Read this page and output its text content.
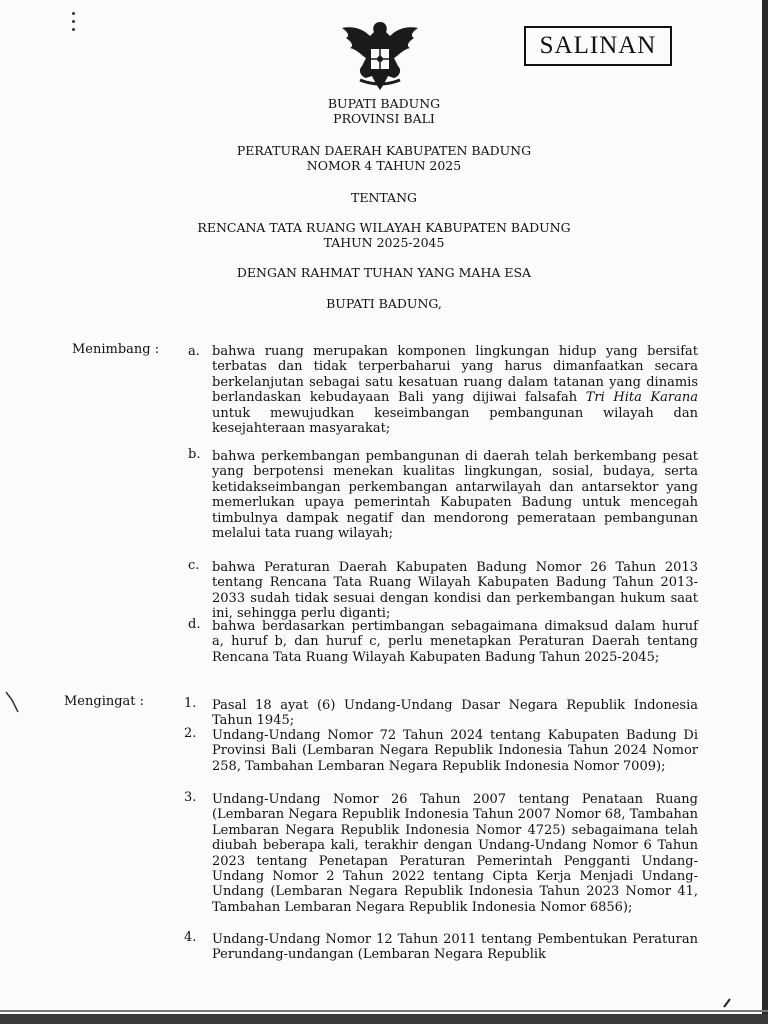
SALINAN
BUPATI BADUNG
PROVINSI BALI
PERATURAN DAERAH KABUPATEN BADUNG
NOMOR 4 TAHUN 2025
TENTANG
RENCANA TATA RUANG WILAYAH KABUPATEN BADUNG
TAHUN 2025-2045
DENGAN RAHMAT TUHAN YANG MAHA ESA
BUPATI BADUNG,
Menimbang : a. bahwa ruang merupakan komponen lingkungan hidup yang bersifat terbatas dan tidak terperbaharui yang harus dimanfaatkan secara berkelanjutan sebagai satu kesatuan ruang dalam tatanan yang dinamis berlandaskan kebudayaan Bali yang dijiwai falsafah Tri Hita Karana untuk mewujudkan keseimbangan pembangunan wilayah dan kesejahteraan masyarakat;
b. bahwa perkembangan pembangunan di daerah telah berkembang pesat yang berpotensi menekan kualitas lingkungan, sosial, budaya, serta ketidakseimbangan perkembangan antarwilayah dan antarsektor yang memerlukan upaya pemerintah Kabupaten Badung untuk mencegah timbulnya dampak negatif dan mendorong pemerataan pembangunan melalui tata ruang wilayah;
c. bahwa Peraturan Daerah Kabupaten Badung Nomor 26 Tahun 2013 tentang Rencana Tata Ruang Wilayah Kabupaten Badung Tahun 2013-2033 sudah tidak sesuai dengan kondisi dan perkembangan hukum saat ini, sehingga perlu diganti;
d. bahwa berdasarkan pertimbangan sebagaimana dimaksud dalam huruf a, huruf b, dan huruf c, perlu menetapkan Peraturan Daerah tentang Rencana Tata Ruang Wilayah Kabupaten Badung Tahun 2025-2045;
Mengingat :	1. Pasal 18 ayat (6) Undang-Undang Dasar Negara Republik Indonesia Tahun 1945;
2. Undang-Undang Nomor 72 Tahun 2024 tentang Kabupaten Badung Di Provinsi Bali (Lembaran Negara Republik Indonesia Tahun 2024 Nomor 258, Tambahan Lembaran Negara Republik Indonesia Nomor 7009);
3. Undang-Undang Nomor 26 Tahun 2007 tentang Penataan Ruang (Lembaran Negara Republik Indonesia Tahun 2007 Nomor 68, Tambahan Lembaran Negara Republik Indonesia Nomor 4725) sebagaimana telah diubah beberapa kali, terakhir dengan Undang-Undang Nomor 6 Tahun 2023 tentang Penetapan Peraturan Pemerintah Pengganti Undang-Undang Nomor 2 Tahun 2022 tentang Cipta Kerja Menjadi Undang-Undang (Lembaran Negara Republik Indonesia Tahun 2023 Nomor 41, Tambahan Lembaran Negara Republik Indonesia Nomor 6856);
4. Undang-Undang Nomor 12 Tahun 2011 tentang Pembentukan Peraturan Perundang-undangan (Lembaran Negara Republik
